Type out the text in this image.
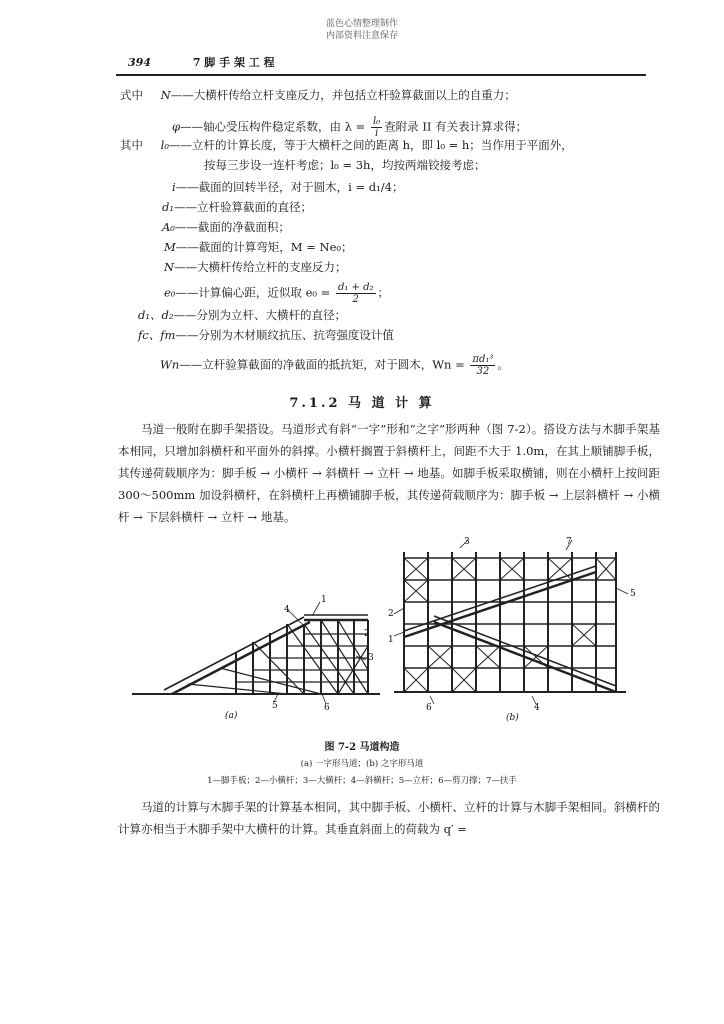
蓝色心情整理制作
内部资料注意保存
394	7 脚 手 架 工 程
式中 N——大横杆传给立杆支座反力，并包括立杆验算截面以上的自重力；
φ——轴心受压构件稳定系数，由 $\lambda = \frac{\text{l₀}}{i}$ 查附录 II 有关表计算求得；
其中 l₀——立杆的计算长度，等于大横杆之间的距离 h，即 l₀ = h；当作用于平面外，
按每三步设一连杆考虑；l₀ = 3h，均按两端铰接考虑；
i——截面的回转半径，对于圆木，i = d₁/4；
d₁——立杆验算截面的直径；
A₀——截面的净截面积；
M——截面的计算弯矩，M = Ne₀；
N——大横杆传给立杆的支座反力；
e₀——计算偏心距，近似取 $e_0 = \frac{\text{d₁ + d₂}}{2}$ ；
d₁、d₂——分别为立杆、大横杆的直径；
fc、fm——分别为木材顺纹抗压、抗弯强度设计值
Wn——立杆验算截面的净截面的抵抗矩，对于圆木，$Wn = \frac{\text{πd₁³}}{32}$ 。
7.1.2 马 道 计 算

马道一般附在脚手架搭设。马道形式有斜“一字”形和“之字”形两种（图 7-2）。搭设方法与木脚手架基本相同，只增加斜横杆和平面外的斜撑。小横杆搁置于斜横杆上，间距不大于 1.0m，在其上顺铺脚手板，其传递荷载顺序为：脚手板 → 小横杆 → 斜横杆 → 立杆 → 地基。如脚手板采取横铺，则在小横杆上按间距 300～500mm 加设斜横杆，在斜横杆上再横铺脚手板，其传递荷载顺序为：脚手板 → 上层斜横杆 → 小横杆 → 下层斜横杆 → 立杆 → 地基。

1
2
3
4
5	6
(a)
3	7
5
2
1
6	4
(b)
图 7-2 马道构造
(a) 一字形马道；(b) 之字形马道
1—脚手板；2—小横杆；3—大横杆；4—斜横杆；5—立杆；6—剪刀撑；7—扶手

马道的计算与木脚手架的计算基本相同，其中脚手板、小横杆、立杆的计算与木脚手架相同。斜横杆的计算亦相当于木脚手架中大横杆的计算。其垂直斜面上的荷载为 q′ =
